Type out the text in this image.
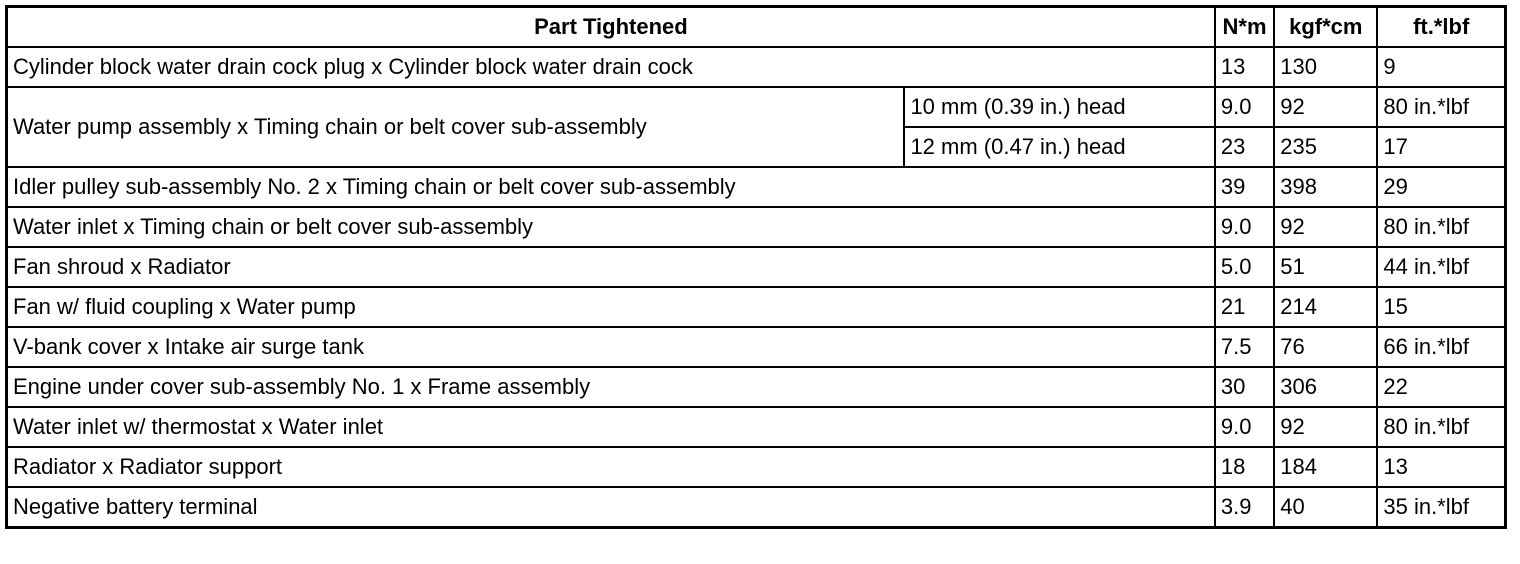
Part Tightened		N*m	kgf*cm	ft.*lbf
Cylinder block water drain cock plug x Cylinder block water drain cock		13	130	9
Water pump assembly x Timing chain or belt cover sub-assembly	10 mm (0.39 in.) head	9.0	92	80 in.*lbf
	12 mm (0.47 in.) head	23	235	17
Idler pulley sub-assembly No. 2 x Timing chain or belt cover sub-assembly		39	398	29
Water inlet x Timing chain or belt cover sub-assembly		9.0	92	80 in.*lbf
Fan shroud x Radiator		5.0	51	44 in.*lbf
Fan w/ fluid coupling x Water pump		21	214	15
V-bank cover x Intake air surge tank		7.5	76	66 in.*lbf
Engine under cover sub-assembly No. 1 x Frame assembly		30	306	22
Water inlet w/ thermostat x Water inlet		9.0	92	80 in.*lbf
Radiator x Radiator support		18	184	13
Negative battery terminal		3.9	40	35 in.*lbf
